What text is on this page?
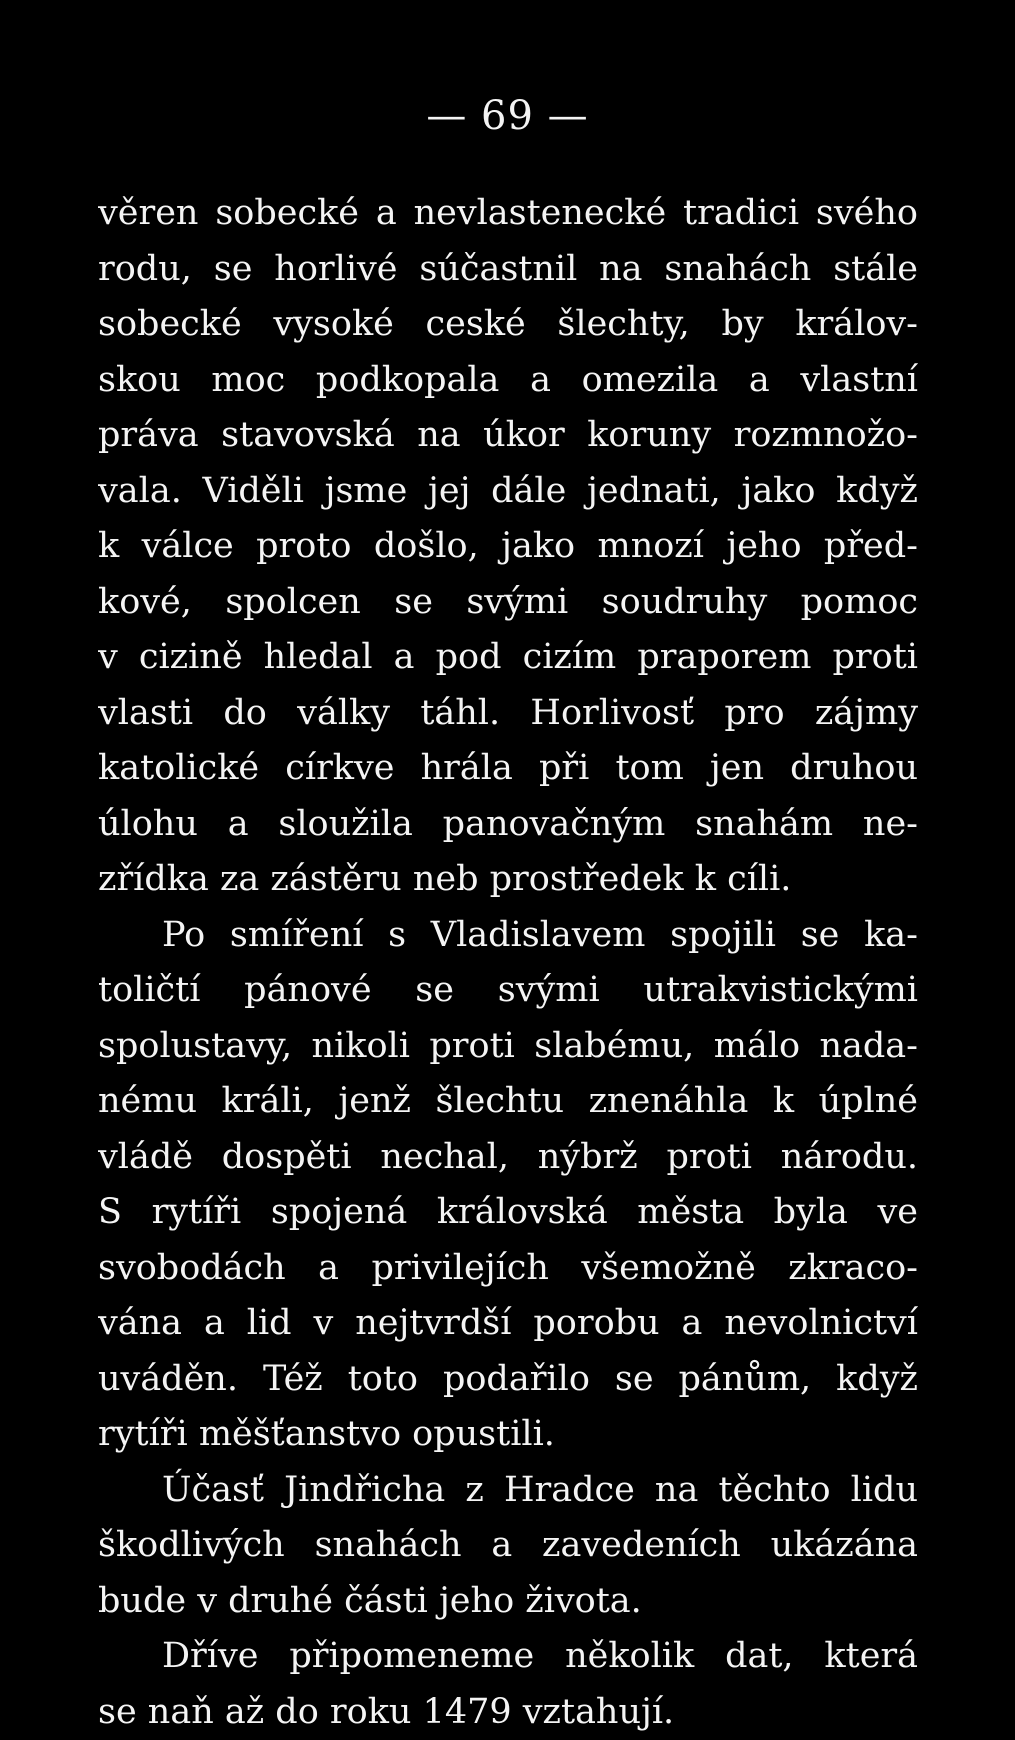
— 69 —
věren sobecké a nevlastenecké tradici svého
rodu, se horlivé súčastnil na snahách stále
sobecké vysoké ceské šlechty, by králov-
skou moc podkopala a omezila a vlastní
práva stavovská na úkor koruny rozmnožo-
vala. Viděli jsme jej dále jednati, jako když
k válce proto došlo, jako mnozí jeho před-
kové, spolcen se svými soudruhy pomoc
v cizině hledal a pod cizím praporem proti
vlasti do války táhl. Horlivosť pro zájmy
katolické církve hrála při tom jen druhou
úlohu a sloužila panovačným snahám ne-
zřídka za zástěru neb prostředek k cíli.
Po smíření s Vladislavem spojili se ka-
toličtí pánové se svými utrakvistickými
spolustavy, nikoli proti slabému, málo nada-
nému králi, jenž šlechtu znenáhla k úplné
vládě dospěti nechal, nýbrž proti národu.
S rytíři spojená královská města byla ve
svobodách a privilejích všemožně zkraco-
vána a lid v nejtvrdší porobu a nevolnictví
uváděn. Též toto podařilo se pánům, když
rytíři měšťanstvo opustili.
Účasť Jindřicha z Hradce na těchto lidu
škodlivých snahách a zavedeních ukázána
bude v druhé části jeho života.
Dříve připomeneme několik dat, která
se naň až do roku 1479 vztahují.
